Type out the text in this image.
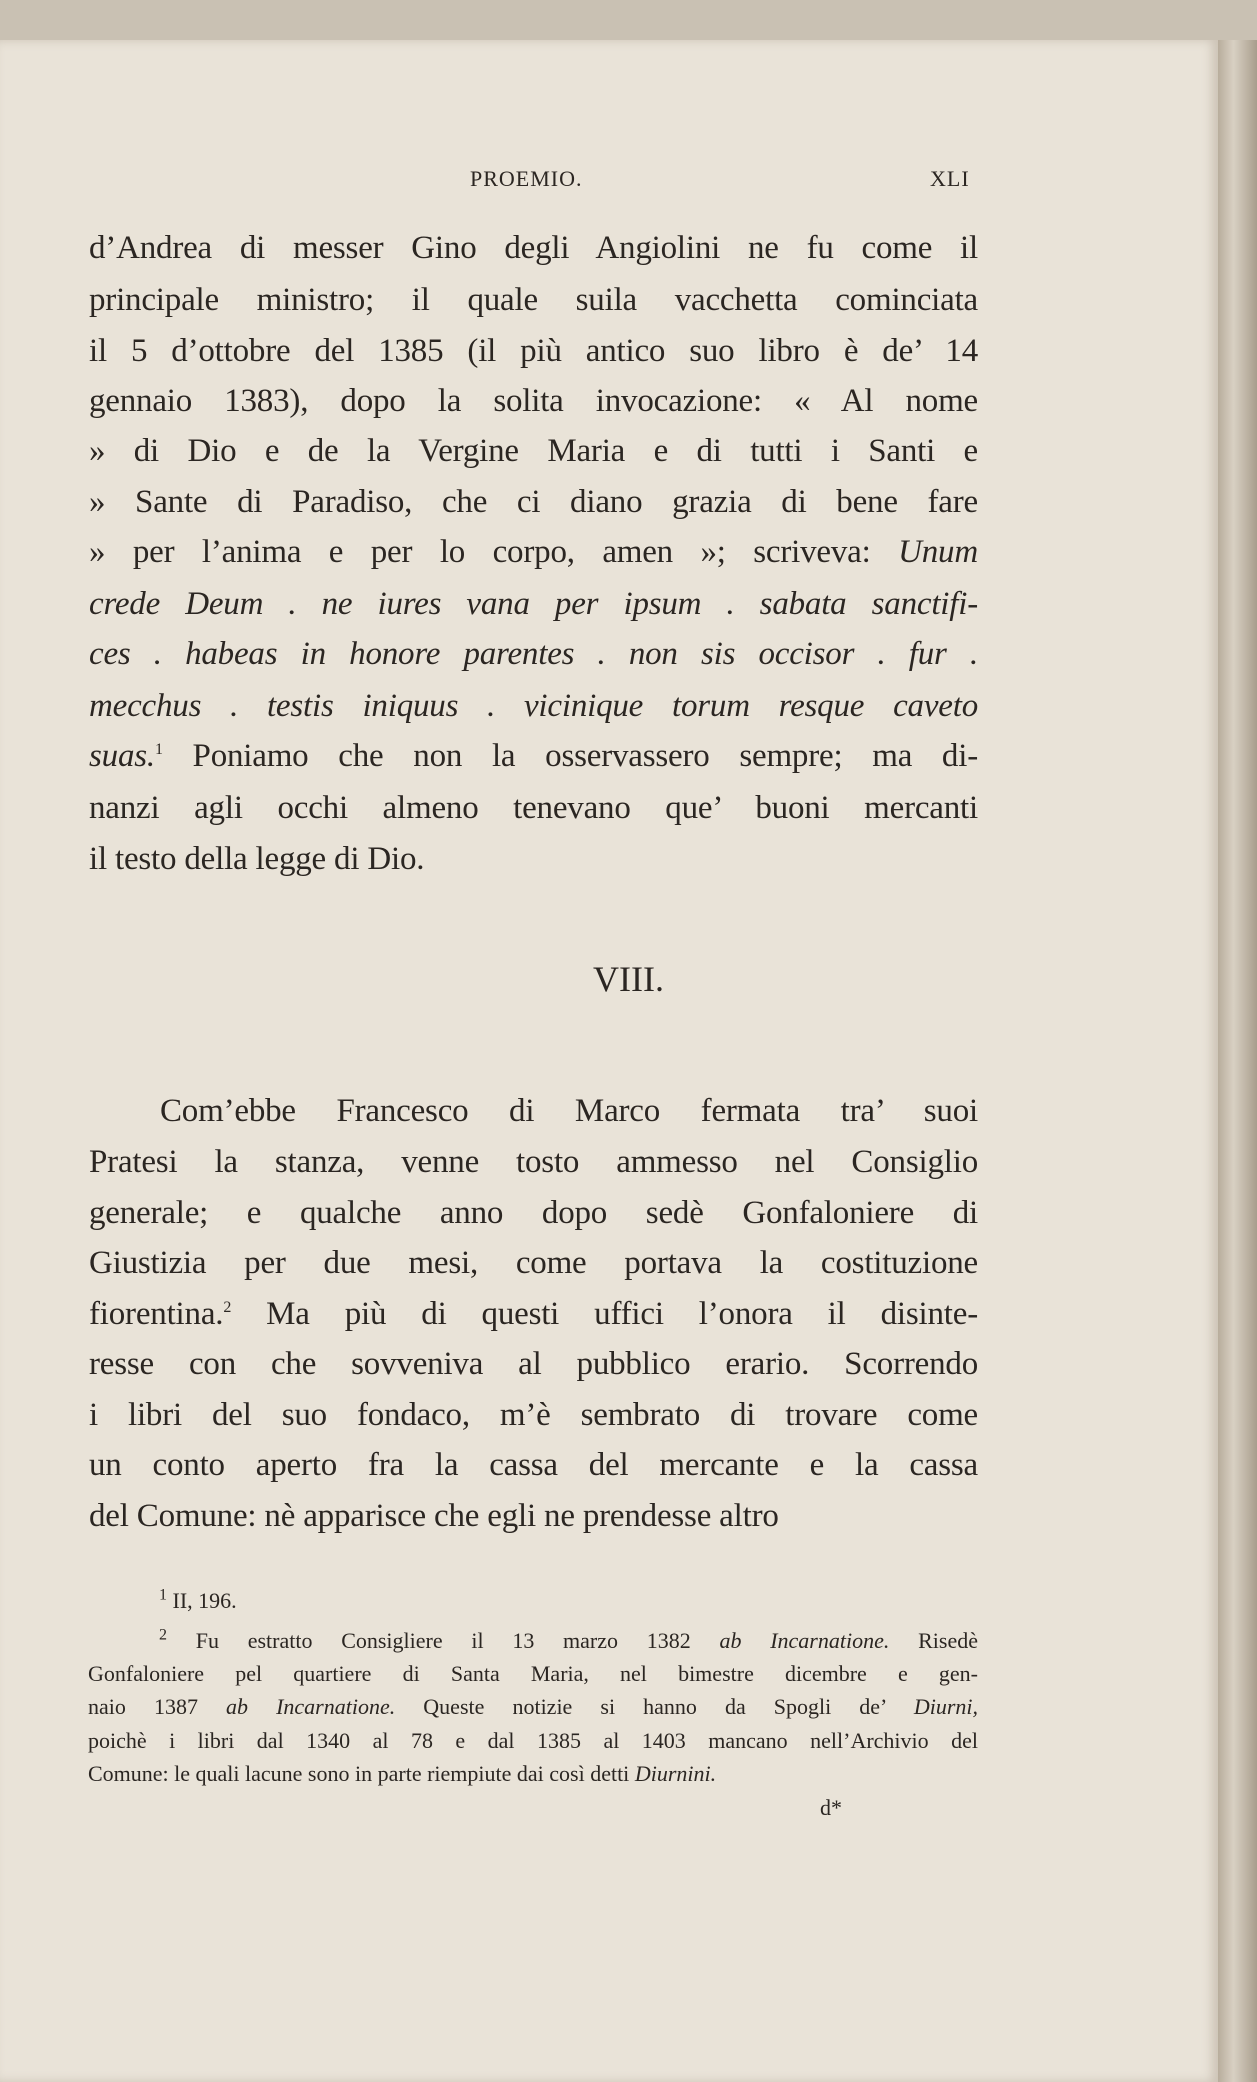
PROEMIO.	XLI
d’Andrea di messer Gino degli Angiolini ne fu come il
principale ministro; il quale suila vacchetta cominciata
il 5 d’ottobre del 1385 (il più antico suo libro è de’ 14
gennaio 1383), dopo la solita invocazione: « Al nome
» di Dio e de la Vergine Maria e di tutti i Santi e
» Sante di Paradiso, che ci diano grazia di bene fare
» per l’anima e per lo corpo, amen »; scriveva: Unum
crede Deum . ne iures vana per ipsum . sabata sanctifi-
ces . habeas in honore parentes . non sis occisor . fur .
mecchus . testis iniquus . vicinique torum resque caveto
suas.$^1$ Poniamo che non la osservassero sempre; ma di-
nanzi agli occhi almeno tenevano que’ buoni mercanti
il testo della legge di Dio.
VIII.
Com’ebbe Francesco di Marco fermata tra’ suoi
Pratesi la stanza, venne tosto ammesso nel Consiglio
generale; e qualche anno dopo sedè Gonfaloniere di
Giustizia per due mesi, come portava la costituzione
fiorentina.$^2$ Ma più di questi uffici l’onora il disinte-
resse con che sovveniva al pubblico erario. Scorrendo
i libri del suo fondaco, m’è sembrato di trovare come
un conto aperto fra la cassa del mercante e la cassa
del Comune: nè apparisce che egli ne prendesse altro
$^1$ II, 196.
$^2$ Fu estratto Consigliere il 13 marzo 1382 ab Incarnatione. Risedè
Gonfaloniere pel quartiere di Santa Maria, nel bimestre dicembre e gen-
naio 1387 ab Incarnatione. Queste notizie si hanno da Spogli de’ Diurni,
poichè i libri dal 1340 al 78 e dal 1385 al 1403 mancano nell’Archivio del
Comune: le quali lacune sono in parte riempiute dai così detti Diurnini.
d*
